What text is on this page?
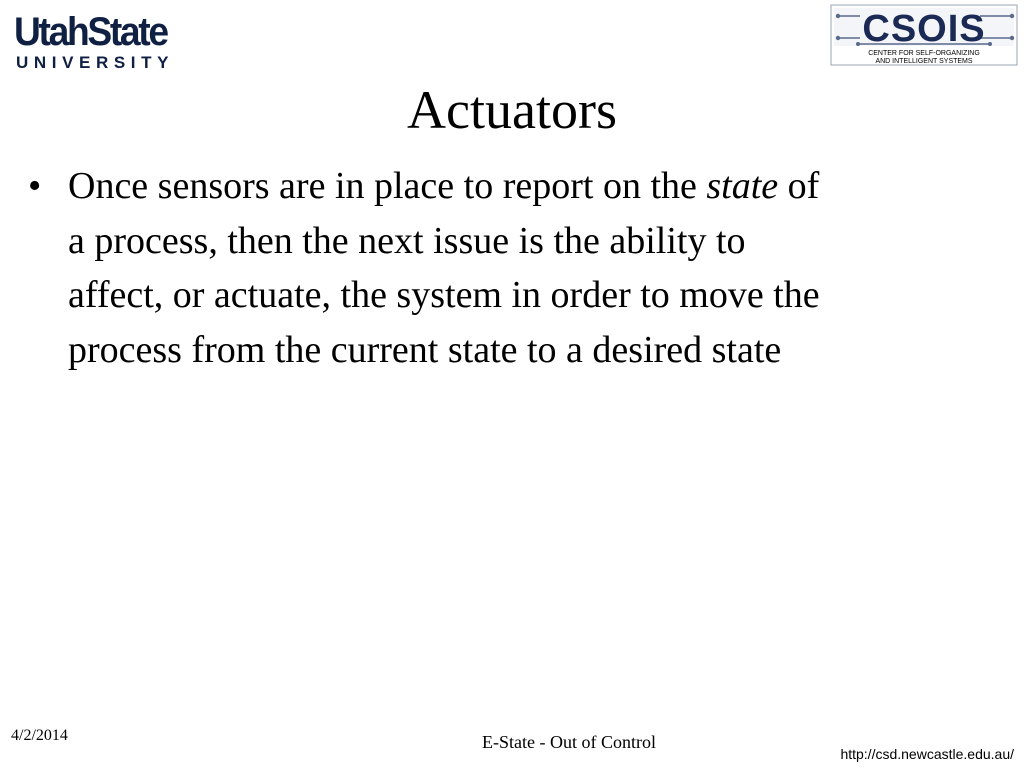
UtahState
UNIVERSITY
CSOIS
CENTER FOR SELF-ORGANIZING
AND INTELLIGENT SYSTEMS
Actuators
• Once sensors are in place to report on the state of
a process, then the next issue is the ability to
affect, or actuate, the system in order to move the
process from the current state to a desired state
4/2/2014	E-State - Out of Control
http://csd.newcastle.edu.au/
